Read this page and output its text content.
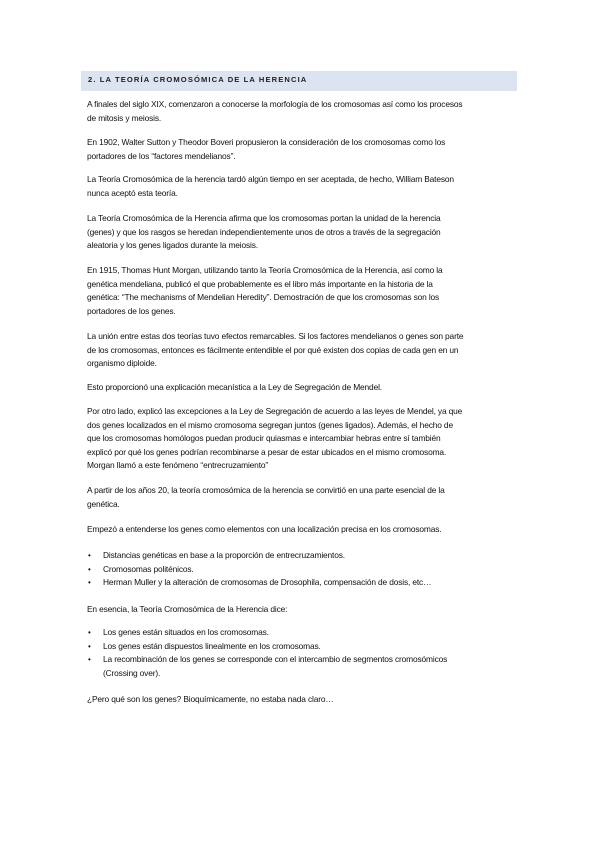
2. LA TEORÍA CROMOSÓMICA DE LA HERENCIA
A finales del siglo XIX, comenzaron a conocerse la morfología de los cromosomas así como los procesos
de mitosis y meiosis.
En 1902, Walter Sutton y Theodor Boveri propusieron la consideración de los cromosomas como los
portadores de los “factores mendelianos”.
La Teoría Cromosómica de la herencia tardó algún tiempo en ser aceptada, de hecho, William Bateson
nunca aceptó esta teoría.
La Teoría Cromosómica de la Herencia afirma que los cromosomas portan la unidad de la herencia
(genes) y que los rasgos se heredan independientemente unos de otros a través de la segregación
aleatoria y los genes ligados durante la meiosis.
En 1915, Thomas Hunt Morgan, utilizando tanto la Teoría Cromosómica de la Herencia, así como la
genética mendeliana, publicó el que probablemente es el libro más importante en la historia de la
genética: “The mechanisms of Mendelian Heredity”. Demostración de que los cromosomas son los
portadores de los genes.
La unión entre estas dos teorías tuvo efectos remarcables. Si los factores mendelianos o genes son parte
de los cromosomas, entonces es fácilmente entendible el por qué existen dos copias de cada gen en un
organismo diploide.
Esto proporcionó una explicación mecanística a la Ley de Segregación de Mendel.
Por otro lado, explicó las excepciones a la Ley de Segregación de acuerdo a las leyes de Mendel, ya que
dos genes localizados en el mismo cromosoma segregan juntos (genes ligados). Además, el hecho de
que los cromosomas homólogos puedan producir quiasmas e intercambiar hebras entre sí también
explicó por qué los genes podrían recombinarse a pesar de estar ubicados en el mismo cromosoma.
Morgan llamó a este fenómeno “entrecruzamiento”
A partir de los años 20, la teoría cromosómica de la herencia se convirtió en una parte esencial de la
genética.
Empezó a entenderse los genes como elementos con una localización precisa en los cromosomas.
• Distancias genéticas en base a la proporción de entrecruzamientos.
• Cromosomas politénicos.
• Herman Muller y la alteración de cromosomas de Drosophila, compensación de dosis, etc…
En esencia, la Teoría Cromosómica de la Herencia dice:
• Los genes están situados en los cromosomas.
• Los genes están dispuestos linealmente en los cromosomas.
• La recombinación de los genes se corresponde con el intercambio de segmentos cromosómicos
(Crossing over).
¿Pero qué son los genes? Bioquímicamente, no estaba nada claro…
